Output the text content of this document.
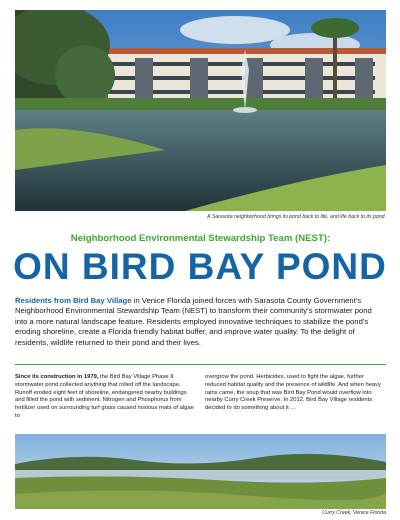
A Sarasota neighborhood brings its pond back to life, and life back to its pond.
Neighborhood Environmental Stewardship Team (NEST):
ON BIRD BAY POND
Residents from Bird Bay Village in Venice Florida joined forces with Sarasota County Government's Neighborhood Environmental Stewardship Team (NEST) to transform their community's stormwater pond into a more natural landscape feature. Residents employed innovative techniques to stabilize the pond's eroding shoreline, create a Florida friendly habitat buffer, and improve water quality. To the delight of residents, wildlife returned to their pond and their lives.
Since its construction in 1979, the Bird Bay Village Phase II stormwater pond collected anything that rolled off the landscape. Runoff eroded eight feet of shoreline, endangered nearby buildings and filled the pond with sediment. Nitrogen and Phosphorus from fertilizer used on surrounding turf grass caused noxious mats of algae to
overgrow the pond. Herbicides, used to fight the algae, further reduced habitat quality and the presence of wildlife. And when heavy rains came, the soup that was Bird Bay Pond would overflow into nearby Curry Creek Preserve. In 2012, Bird Bay Village residents decided to do something about it ...
Curry Creek, Venice Florida
